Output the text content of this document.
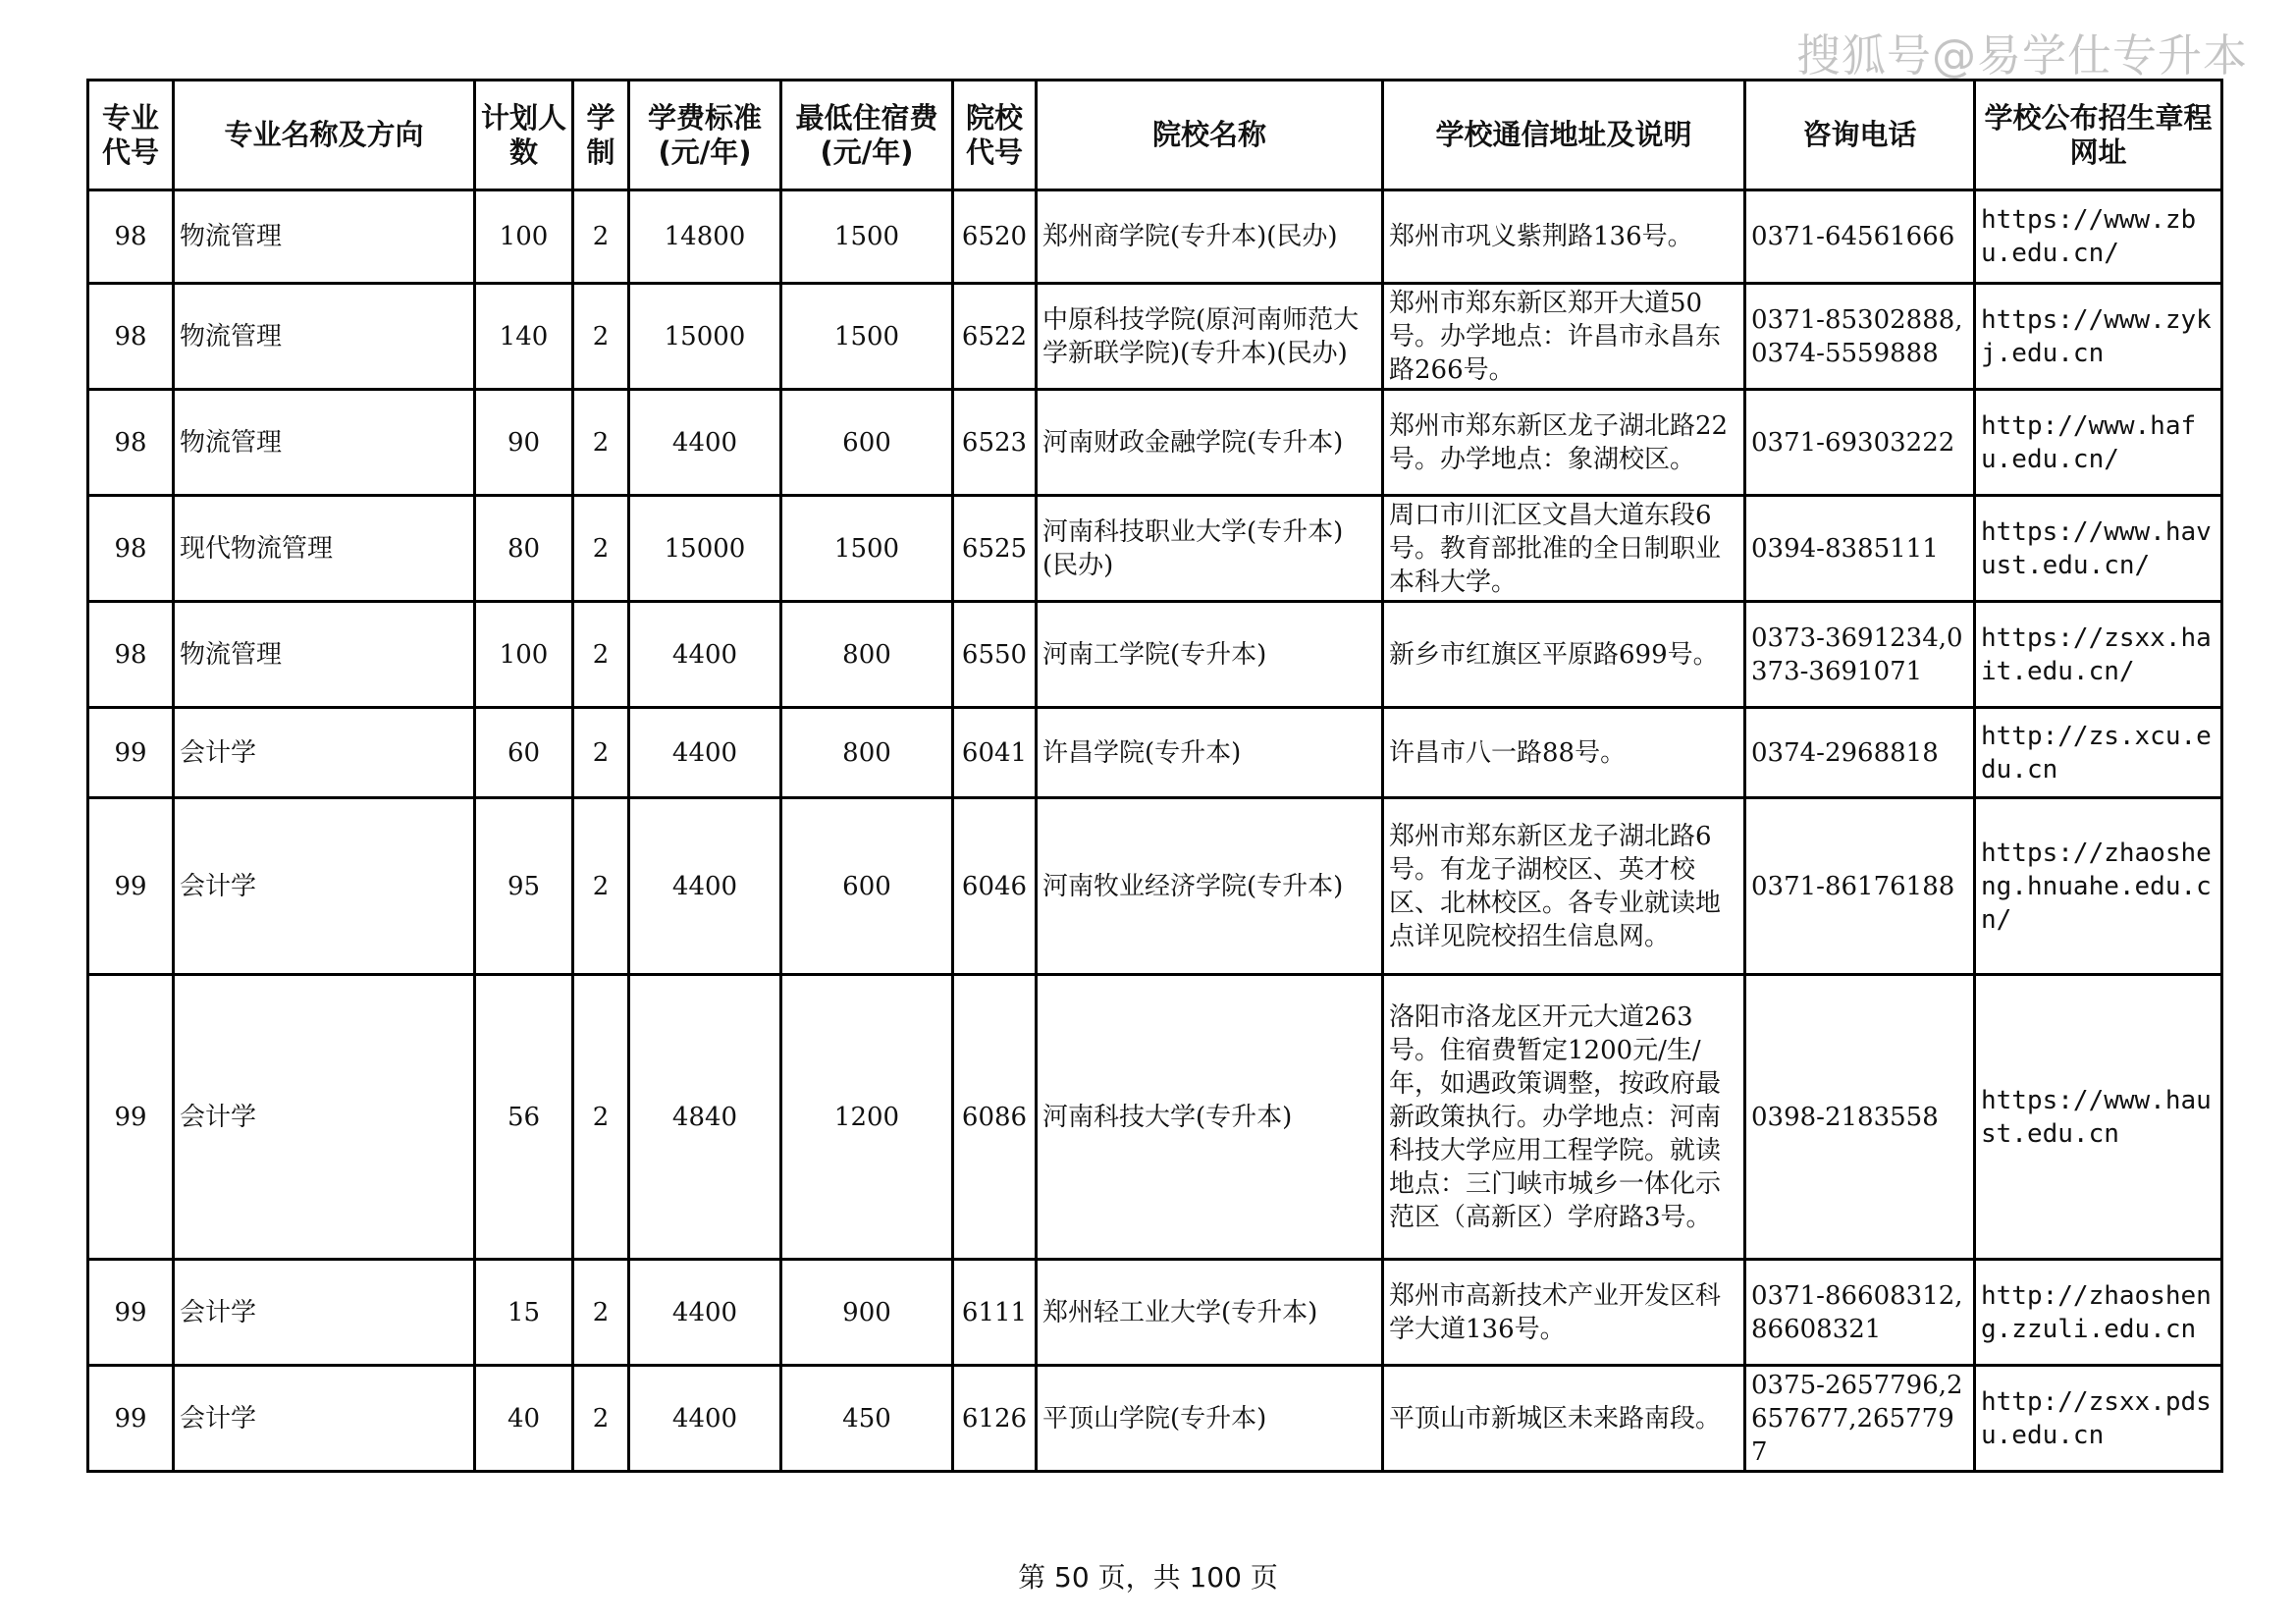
搜狐号@易学仕专升本
专业代号	专业名称及方向	计划人数	学制	学费标准(元/年)	最低住宿费(元/年)	院校代号	院校名称	学校通信地址及说明	咨询电话	学校公布招生章程网址
98	物流管理	100	2	14800	1500	6520	郑州商学院(专升本)(民办)	郑州市巩义紫荆路136号。	0371-64561666	https://www.zbu.edu.cn/
98	物流管理	140	2	15000	1500	6522	中原科技学院(原河南师范大学新联学院)(专升本)(民办)	郑州市郑东新区郑开大道50号。办学地点：许昌市永昌东路266号。	0371-85302888,0374-5559888	https://www.zykj.edu.cn
98	物流管理	90	2	4400	600	6523	河南财政金融学院(专升本)	郑州市郑东新区龙子湖北路22号。办学地点：象湖校区。	0371-69303222	http://www.hafu.edu.cn/
98	现代物流管理	80	2	15000	1500	6525	河南科技职业大学(专升本)(民办)	周口市川汇区文昌大道东段6号。教育部批准的全日制职业本科大学。	0394-8385111	https://www.havust.edu.cn/
98	物流管理	100	2	4400	800	6550	河南工学院(专升本)	新乡市红旗区平原路699号。	0373-3691234,0373-3691071	https://zsxx.hait.edu.cn/
99	会计学	60	2	4400	800	6041	许昌学院(专升本)	许昌市八一路88号。	0374-2968818	http://zs.xcu.edu.cn
99	会计学	95	2	4400	600	6046	河南牧业经济学院(专升本)	郑州市郑东新区龙子湖北路6号。有龙子湖校区、英才校区、北林校区。各专业就读地点详见院校招生信息网。	0371-86176188	https://zhaosheng.hnuahe.edu.cn/
99	会计学	56	2	4840	1200	6086	河南科技大学(专升本)	洛阳市洛龙区开元大道263号。住宿费暂定1200元/生/年，如遇政策调整，按政府最新政策执行。办学地点：河南科技大学应用工程学院。就读地点：三门峡市城乡一体化示范区（高新区）学府路3号。	0398-2183558	https://www.haust.edu.cn
99	会计学	15	2	4400	900	6111	郑州轻工业大学(专升本)	郑州市高新技术产业开发区科学大道136号。	0371-86608312,86608321	http://zhaosheng.zzuli.edu.cn
99	会计学	40	2	4400	450	6126	平顶山学院(专升本)	平顶山市新城区未来路南段。	0375-2657796,2657677,2657797	http://zsxx.pdsu.edu.cn
第 50 页，共 100 页
